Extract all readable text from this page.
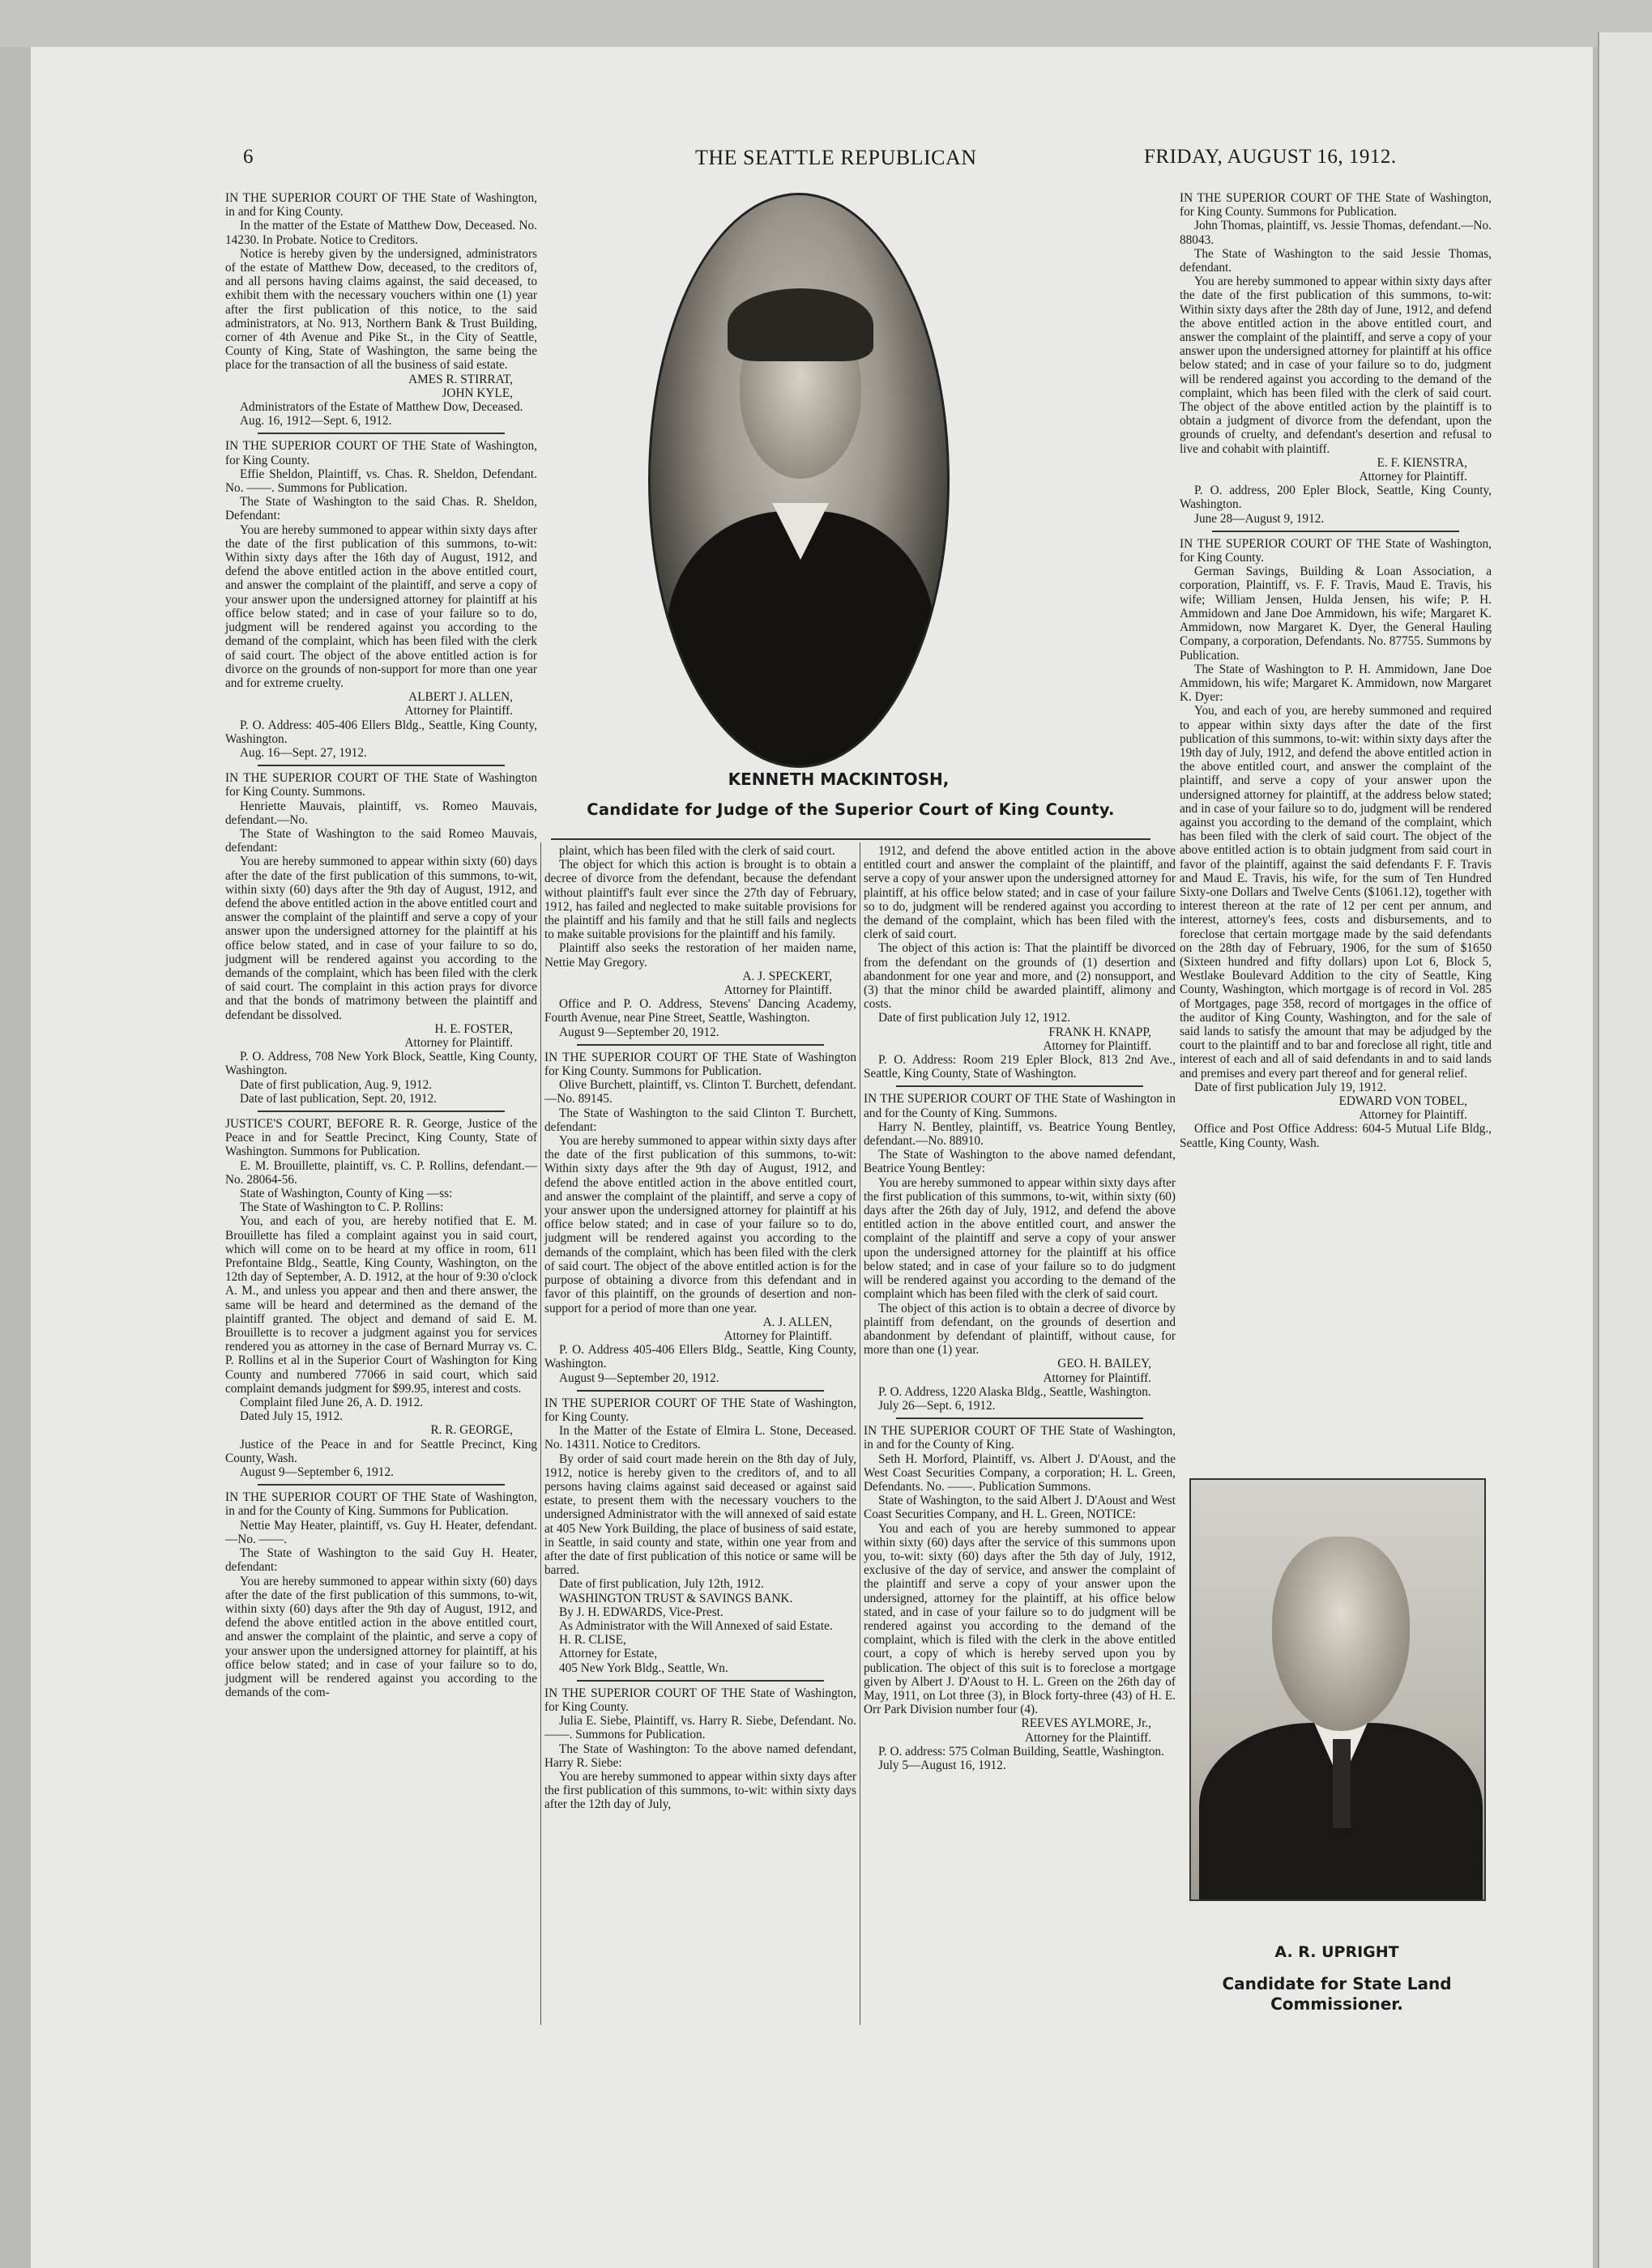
6	THE SEATTLE REPUBLICAN	FRIDAY, AUGUST 16, 1912.

IN THE SUPERIOR COURT OF THE State of Washington, in and for King County.

In the matter of the Estate of Matthew Dow, Deceased. No. 14230. In Probate. Notice to Creditors.

Notice is hereby given by the undersigned, administrators of the estate of Matthew Dow, deceased, to the creditors of, and all persons having claims against, the said deceased, to exhibit them with the necessary vouchers within one (1) year after the first publication of this notice, to the said administrators, at No. 913, Northern Bank & Trust Building, corner of 4th Avenue and Pike St., in the City of Seattle, County of King, State of Washington, the same being the place for the transaction of all the business of said estate.

AMES R. STIRRAT,

JOHN KYLE,

Administrators of the Estate of Matthew Dow, Deceased.

Aug. 16, 1912—Sept. 6, 1912.

IN THE SUPERIOR COURT OF THE State of Washington, for King County.

Effie Sheldon, Plaintiff, vs. Chas. R. Sheldon, Defendant. No. ——. Summons for Publication.

The State of Washington to the said Chas. R. Sheldon, Defendant:

You are hereby summoned to appear within sixty days after the date of the first publication of this summons, to-wit: Within sixty days after the 16th day of August, 1912, and defend the above entitled action in the above entitled court, and answer the complaint of the plaintiff, and serve a copy of your answer upon the undersigned attorney for plaintiff at his office below stated; and in case of your failure so to do, judgment will be rendered against you according to the demand of the complaint, which has been filed with the clerk of said court. The object of the above entitled action is for divorce on the grounds of non-support for more than one year and for extreme cruelty.

ALBERT J. ALLEN,

Attorney for Plaintiff.

P. O. Address: 405-406 Ellers Bldg., Seattle, King County, Washington.

Aug. 16—Sept. 27, 1912.

IN THE SUPERIOR COURT OF THE State of Washington for King County. Summons.

Henriette Mauvais, plaintiff, vs. Romeo Mauvais, defendant.—No.

The State of Washington to the said Romeo Mauvais, defendant:

You are hereby summoned to appear within sixty (60) days after the date of the first publication of this summons, to-wit, within sixty (60) days after the 9th day of August, 1912, and defend the above entitled action in the above entitled court and answer the complaint of the plaintiff and serve a copy of your answer upon the undersigned attorney for the plaintiff at his office below stated, and in case of your failure to so do, judgment will be rendered against you according to the demands of the complaint, which has been filed with the clerk of said court. The complaint in this action prays for divorce and that the bonds of matrimony between the plaintiff and defendant be dissolved.

H. E. FOSTER,

Attorney for Plaintiff.

P. O. Address, 708 New York Block, Seattle, King County, Washington.

Date of first publication, Aug. 9, 1912.

Date of last publication, Sept. 20, 1912.

JUSTICE'S COURT, BEFORE R. R. George, Justice of the Peace in and for Seattle Precinct, King County, State of Washington. Summons for Publication.

E. M. Brouillette, plaintiff, vs. C. P. Rollins, defendant.—No. 28064-56.

State of Washington, County of King —ss:

The State of Washington to C. P. Rollins:

You, and each of you, are hereby notified that E. M. Brouillette has filed a complaint against you in said court, which will come on to be heard at my office in room, 611 Prefontaine Bldg., Seattle, King County, Washington, on the 12th day of September, A. D. 1912, at the hour of 9:30 o'clock A. M., and unless you appear and then and there answer, the same will be heard and determined as the demand of the plaintiff granted. The object and demand of said E. M. Brouillette is to recover a judgment against you for services rendered you as attorney in the case of Bernard Murray vs. C. P. Rollins et al in the Superior Court of Washington for King County and numbered 77066 in said court, which said complaint demands judgment for $99.95, interest and costs.

Complaint filed June 26, A. D. 1912.

Dated July 15, 1912.

R. R. GEORGE,

Justice of the Peace in and for Seattle Precinct, King County, Wash.

August 9—September 6, 1912.

IN THE SUPERIOR COURT OF THE State of Washington, in and for the County of King. Summons for Publication.

Nettie May Heater, plaintiff, vs. Guy H. Heater, defendant.—No. ——.

The State of Washington to the said Guy H. Heater, defendant:

You are hereby summoned to appear within sixty (60) days after the date of the first publication of this summons, to-wit, within sixty (60) days after the 9th day of August, 1912, and defend the above entitled action in the above entitled court, and answer the complaint of the plaintic, and serve a copy of your answer upon the undersigned attorney for plaintiff, at his office below stated; and in case of your failure so to do, judgment will be rendered against you according to the demands of the com-

KENNETH MACKINTOSH,
Candidate for Judge of the Superior Court of King County.

plaint, which has been filed with the clerk of said court.

The object for which this action is brought is to obtain a decree of divorce from the defendant, because the defendant without plaintiff's fault ever since the 27th day of February, 1912, has failed and neglected to make suitable provisions for the plaintiff and his family and that he still fails and neglects to make suitable provisions for the plaintiff and his family.

Plaintiff also seeks the restoration of her maiden name, Nettie May Gregory.

A. J. SPECKERT,

Attorney for Plaintiff.

Office and P. O. Address, Stevens' Dancing Academy, Fourth Avenue, near Pine Street, Seattle, Washington.

August 9—September 20, 1912.

IN THE SUPERIOR COURT OF THE State of Washington for King County. Summons for Publication.

Olive Burchett, plaintiff, vs. Clinton T. Burchett, defendant.—No. 89145.

The State of Washington to the said Clinton T. Burchett, defendant:

You are hereby summoned to appear within sixty days after the date of the first publication of this summons, to-wit: Within sixty days after the 9th day of August, 1912, and defend the above entitled action in the above entitled court, and answer the complaint of the plaintiff, and serve a copy of your answer upon the undersigned attorney for plaintiff at his office below stated; and in case of your failure so to do, judgment will be rendered against you according to the demands of the complaint, which has been filed with the clerk of said court. The object of the above entitled action is for the purpose of obtaining a divorce from this defendant and in favor of this plaintiff, on the grounds of desertion and non-support for a period of more than one year.

A. J. ALLEN,

Attorney for Plaintiff.

P. O. Address 405-406 Ellers Bldg., Seattle, King County, Washington.

August 9—September 20, 1912.

IN THE SUPERIOR COURT OF THE State of Washington, for King County.

In the Matter of the Estate of Elmira L. Stone, Deceased. No. 14311. Notice to Creditors.

By order of said court made herein on the 8th day of July, 1912, notice is hereby given to the creditors of, and to all persons having claims against said deceased or against said estate, to present them with the necessary vouchers to the undersigned Administrator with the will annexed of said estate at 405 New York Building, the place of business of said estate, in Seattle, in said county and state, within one year from and after the date of first publication of this notice or same will be barred.

Date of first publication, July 12th, 1912.

WASHINGTON TRUST & SAVINGS BANK.

By J. H. EDWARDS, Vice-Prest.

As Administrator with the Will Annexed of said Estate.

H. R. CLISE,

Attorney for Estate,

405 New York Bldg., Seattle, Wn.

IN THE SUPERIOR COURT OF THE State of Washington, for King County.

Julia E. Siebe, Plaintiff, vs. Harry R. Siebe, Defendant. No. ——. Summons for Publication.

The State of Washington: To the above named defendant, Harry R. Siebe:

You are hereby summoned to appear within sixty days after the first publication of this summons, to-wit: within sixty days after the 12th day of July,

1912, and defend the above entitled action in the above entitled court and answer the complaint of the plaintiff, and serve a copy of your answer upon the undersigned attorney for plaintiff, at his office below stated; and in case of your failure so to do, judgment will be rendered against you according to the demand of the complaint, which has been filed with the clerk of said court.

The object of this action is: That the plaintiff be divorced from the defendant on the grounds of (1) desertion and abandonment for one year and more, and (2) nonsupport, and (3) that the minor child be awarded plaintiff, alimony and costs.

Date of first publication July 12, 1912.

FRANK H. KNAPP,

Attorney for Plaintiff.

P. O. Address: Room 219 Epler Block, 813 2nd Ave., Seattle, King County, State of Washington.

IN THE SUPERIOR COURT OF THE State of Washington in and for the County of King. Summons.

Harry N. Bentley, plaintiff, vs. Beatrice Young Bentley, defendant.—No. 88910.

The State of Washington to the above named defendant, Beatrice Young Bentley:

You are hereby summoned to appear within sixty days after the first publication of this summons, to-wit, within sixty (60) days after the 26th day of July, 1912, and defend the above entitled action in the above entitled court, and answer the complaint of the plaintiff and serve a copy of your answer upon the undersigned attorney for the plaintiff at his office below stated; and in case of your failure so to do judgment will be rendered against you according to the demand of the complaint which has been filed with the clerk of said court.

The object of this action is to obtain a decree of divorce by plaintiff from defendant, on the grounds of desertion and abandonment by defendant of plaintiff, without cause, for more than one (1) year.

GEO. H. BAILEY,

Attorney for Plaintiff.

P. O. Address, 1220 Alaska Bldg., Seattle, Washington.

July 26—Sept. 6, 1912.

IN THE SUPERIOR COURT OF THE State of Washington, in and for the County of King.

Seth H. Morford, Plaintiff, vs. Albert J. D'Aoust, and the West Coast Securities Company, a corporation; H. L. Green, Defendants. No. ——. Publication Summons.

State of Washington, to the said Albert J. D'Aoust and West Coast Securities Company, and H. L. Green, NOTICE:

You and each of you are hereby summoned to appear within sixty (60) days after the service of this summons upon you, to-wit: sixty (60) days after the 5th day of July, 1912, exclusive of the day of service, and answer the complaint of the plaintiff and serve a copy of your answer upon the undersigned, attorney for the plaintiff, at his office below stated, and in case of your failure so to do judgment will be rendered against you according to the demand of the complaint, which is filed with the clerk in the above entitled court, a copy of which is hereby served upon you by publication. The object of this suit is to foreclose a mortgage given by Albert J. D'Aoust to H. L. Green on the 26th day of May, 1911, on Lot three (3), in Block forty-three (43) of H. E. Orr Park Division number four (4).

REEVES AYLMORE, Jr.,

Attorney for the Plaintiff.

P. O. address: 575 Colman Building, Seattle, Washington.

July 5—August 16, 1912.

IN THE SUPERIOR COURT OF THE State of Washington, for King County. Summons for Publication.

John Thomas, plaintiff, vs. Jessie Thomas, defendant.—No. 88043.

The State of Washington to the said Jessie Thomas, defendant.

You are hereby summoned to appear within sixty days after the date of the first publication of this summons, to-wit: Within sixty days after the 28th day of June, 1912, and defend the above entitled action in the above entitled court, and answer the complaint of the plaintiff, and serve a copy of your answer upon the undersigned attorney for plaintiff at his office below stated; and in case of your failure so to do, judgment will be rendered against you according to the demand of the complaint, which has been filed with the clerk of said court. The object of the above entitled action by the plaintiff is to obtain a judgment of divorce from the defendant, upon the grounds of cruelty, and defendant's desertion and refusal to live and cohabit with plaintiff.

E. F. KIENSTRA,

Attorney for Plaintiff.

P. O. address, 200 Epler Block, Seattle, King County, Washington.

June 28—August 9, 1912.

IN THE SUPERIOR COURT OF THE State of Washington, for King County.

German Savings, Building & Loan Association, a corporation, Plaintiff, vs. F. F. Travis, Maud E. Travis, his wife; William Jensen, Hulda Jensen, his wife; P. H. Ammidown and Jane Doe Ammidown, his wife; Margaret K. Ammidown, now Margaret K. Dyer, the General Hauling Company, a corporation, Defendants. No. 87755. Summons by Publication.

The State of Washington to P. H. Ammidown, Jane Doe Ammidown, his wife; Margaret K. Ammidown, now Margaret K. Dyer:

You, and each of you, are hereby summoned and required to appear within sixty days after the date of the first publication of this summons, to-wit: within sixty days after the 19th day of July, 1912, and defend the above entitled action in the above entitled court, and answer the complaint of the plaintiff, and serve a copy of your answer upon the undersigned attorney for plaintiff, at the address below stated; and in case of your failure so to do, judgment will be rendered against you according to the demand of the complaint, which has been filed with the clerk of said court. The object of the above entitled action is to obtain judgment from said court in favor of the plaintiff, against the said defendants F. F. Travis and Maud E. Travis, his wife, for the sum of Ten Hundred Sixty-one Dollars and Twelve Cents ($1061.12), together with interest thereon at the rate of 12 per cent per annum, and interest, attorney's fees, costs and disbursements, and to foreclose that certain mortgage made by the said defendants on the 28th day of February, 1906, for the sum of $1650 (Sixteen hundred and fifty dollars) upon Lot 6, Block 5, Westlake Boulevard Addition to the city of Seattle, King County, Washington, which mortgage is of record in Vol. 285 of Mortgages, page 358, record of mortgages in the office of the auditor of King County, Washington, and for the sale of said lands to satisfy the amount that may be adjudged by the court to the plaintiff and to bar and foreclose all right, title and interest of each and all of said defendants in and to said lands and premises and every part thereof and for general relief.

Date of first publication July 19, 1912.

EDWARD VON TOBEL,

Attorney for Plaintiff.

Office and Post Office Address: 604-5 Mutual Life Bldg., Seattle, King County, Wash.

A. R. UPRIGHT
Candidate for State Land Commissioner.
